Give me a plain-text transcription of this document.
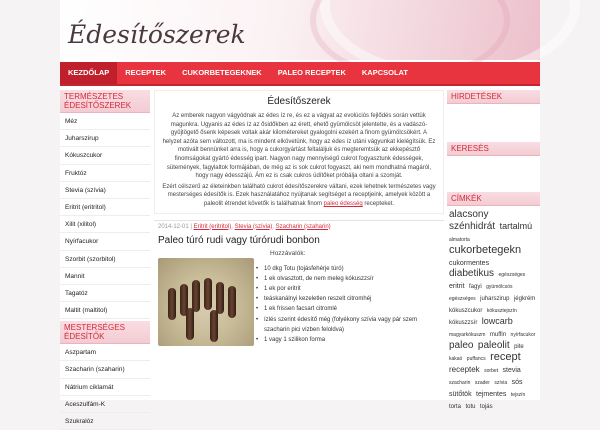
Édesítőszerek
KEZDŐLAP	RECEPTEK	CUKORBETEGEKNEK	PALEO RECEPTEK	KAPCSOLAT
TERMÉSZETES ÉDESÍTŐSZEREK
Méz
Juharszirup
Kókuszcukor
Fruktóz
Stevia (szívia)
Eritrit (eritritol)
Xilit (xilitol)
Nyírfacukor
Szorbit (szorbitol)
Mannit
Tagatóz
Maltit (maltitol)
MESTERSÉGES ÉDESÍTŐK
Aszpartam
Szacharin (szaharin)
Nátrium ciklamát
Aceszulfám-K
Szukralóz
Édesítőszerek

Az emberek nagyon vágyódnak az édes íz re, és ez a vágyat az evolúciós fejlődés során vettük magunkra. Ugyanis az édes íz az ősidőkben az érett, ehető gyümölcsöt jelentette, és a vadászó-gyűjtögető ősenk képesek voltak akár kilométereket gyalogolni ezekért a finom gyümölcsökért. A helyzet azóta sem változott, ma is mindent elkövetünk, hogy az édes íz utáni vágyunkat kielégítsük. Ez motivált bennünket arra is, hogy a cukorgyártást feltaláljuk és megteremtsük az ekkepésztő finomságokat gyártó édesség ipart. Nagyon nagy mennyiségű cukrot fogyasztunk édességek, sütemények, fagylaltok formájában, de még az is sok cukrot fogyaszt, aki nem mondhatná magáról, hogy nagy édesszájú. Ám ez is csak cukros üdítőket próbálja oltani a szomját.

Ezért célszerű az életeinkben található cukrot édesítőszerekre váltani, ezek lehetnek természetes vagy mesterséges édesítők is. Ezek használatához nyújtanak segítséget a receptjeink, amelyek között a paleolit étrendet követők is találhatnak finom paleo édesség recepteket.

2014-12-01 | Eritrit (eritritol), Stevia (szívia), Szacharin (szaharin)
Paleo túró rudi vagy túrórudi bonbon
Hozzávalók:
• 10 dkg Totu (tojásfehérje túró)
• 1 ek olvasztott, de nem meleg kókuszzsír
• 1 ek por eritrit
• teáskanálnyi kezeletlen reszelt citromhéj
• 1 ek frissen facsart citromlé
• ízlés szerint édesítő még (folyékony szívia vagy pár szem szacharin pici vízben feloldva)
• 1 vagy 1 szilikon forma
HIRDETÉSEK
KERESÉS
CÍMKÉK
alacsony szénhidrát tartalmú almatorta cukorbetegekn cukormentes diabetikus egészséges eritrit fagyi gyümölcsös egészséges juharszirup jégkrém kókuszcukor kókusztejszín kókuszzsír lowcarb magyarkókuszm muffin nyírfacukor paleo paleolit pite kakaó puffancs recept receptek sorbet stevia szacharin szader szívia sós sütőtök tejmentes tejszín torta totu tojás
